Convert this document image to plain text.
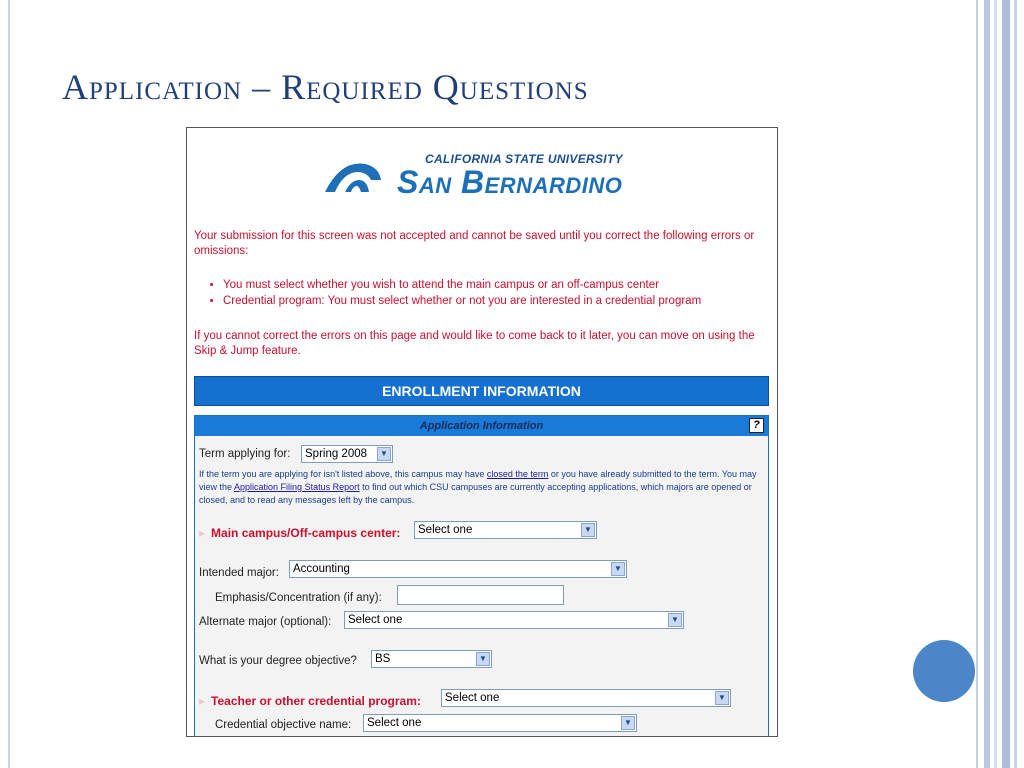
Application – Required Questions
CALIFORNIA STATE UNIVERSITY
San Bernardino
Your submission for this screen was not accepted and cannot be saved until you correct the following errors or omissions:
• You must select whether you wish to attend the main campus or an off-campus center
• Credential program: You must select whether or not you are interested in a credential program
If you cannot correct the errors on this page and would like to come back to it later, you can move on using the Skip & Jump feature.
ENROLLMENT INFORMATION
Application Information	?
Term applying for:	Spring 2008	▼
If the term you are applying for isn't listed above, this campus may have closed the term or you have already submitted to the term. You may view the Application Filing Status Report to find out which CSU campuses are currently accepting applications, which majors are opened or closed, and to read any messages left by the campus.
▸ Main campus/Off-campus center:	Select one	▼
Intended major:	Accounting	▼
Emphasis/Concentration (if any):
Alternate major (optional):	Select one	▼
What is your degree objective?	BS	▼
▸ Teacher or other credential program:	Select one	▼
Credential objective name:	Select one	▼
